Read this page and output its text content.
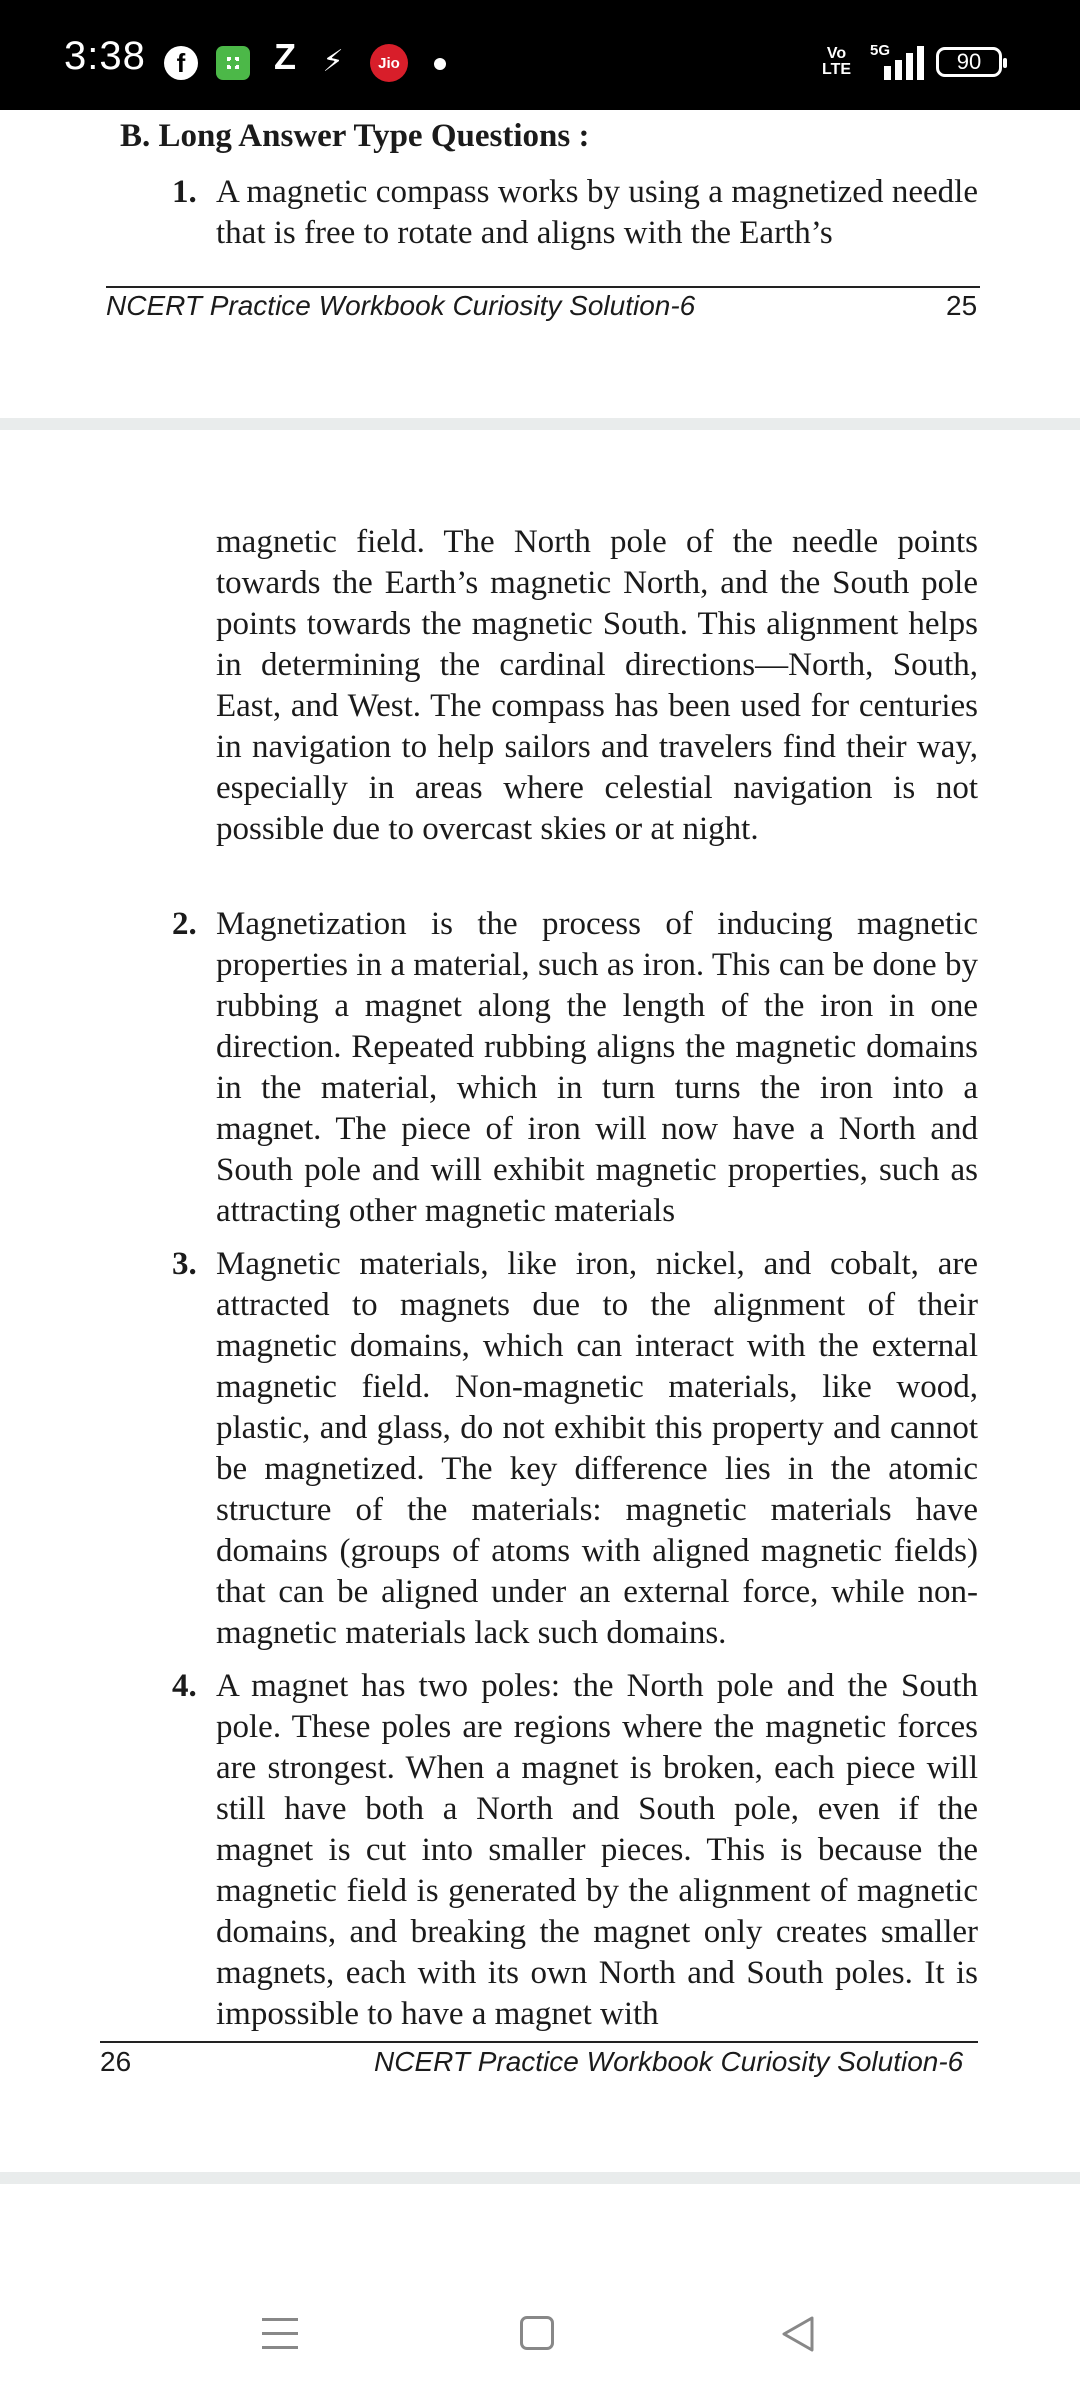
3:38	f	Z ⚡	Jio
Vo
LTE
5G	90
B. Long Answer Type Questions :
1. A magnetic compass works by using a magnetized needle that is free to rotate and aligns with the Earth’s

NCERT Practice Workbook Curiosity Solution-6	25

magnetic field. The North pole of the needle points towards the Earth’s magnetic North, and the South pole points towards the magnetic South. This alignment helps in determining the cardinal directions—North, South, East, and West. The compass has been used for centuries in navigation to help sailors and travelers find their way, especially in areas where celestial navigation is not possible due to overcast skies or at night.

2. Magnetization is the process of inducing magnetic properties in a material, such as iron. This can be done by rubbing a magnet along the length of the iron in one direction. Repeated rubbing aligns the magnetic domains in the material, which in turn turns the iron into a magnet. The piece of iron will now have a North and South pole and will exhibit magnetic properties, such as attracting other magnetic materials

3. Magnetic materials, like iron, nickel, and cobalt, are attracted to magnets due to the alignment of their magnetic domains, which can interact with the external magnetic field. Non-magnetic materials, like wood, plastic, and glass, do not exhibit this property and cannot be magnetized. The key difference lies in the atomic structure of the materials: magnetic materials have domains (groups of atoms with aligned magnetic fields) that can be aligned under an external force, while non-magnetic materials lack such domains.

4. A magnet has two poles: the North pole and the South pole. These poles are regions where the magnetic forces are strongest. When a magnet is broken, each piece will still have both a North and South pole, even if the magnet is cut into smaller pieces. This is because the magnetic field is generated by the alignment of magnetic domains, and breaking the magnet only creates smaller magnets, each with its own North and South poles. It is impossible to have a magnet with

26	NCERT Practice Workbook Curiosity Solution-6
